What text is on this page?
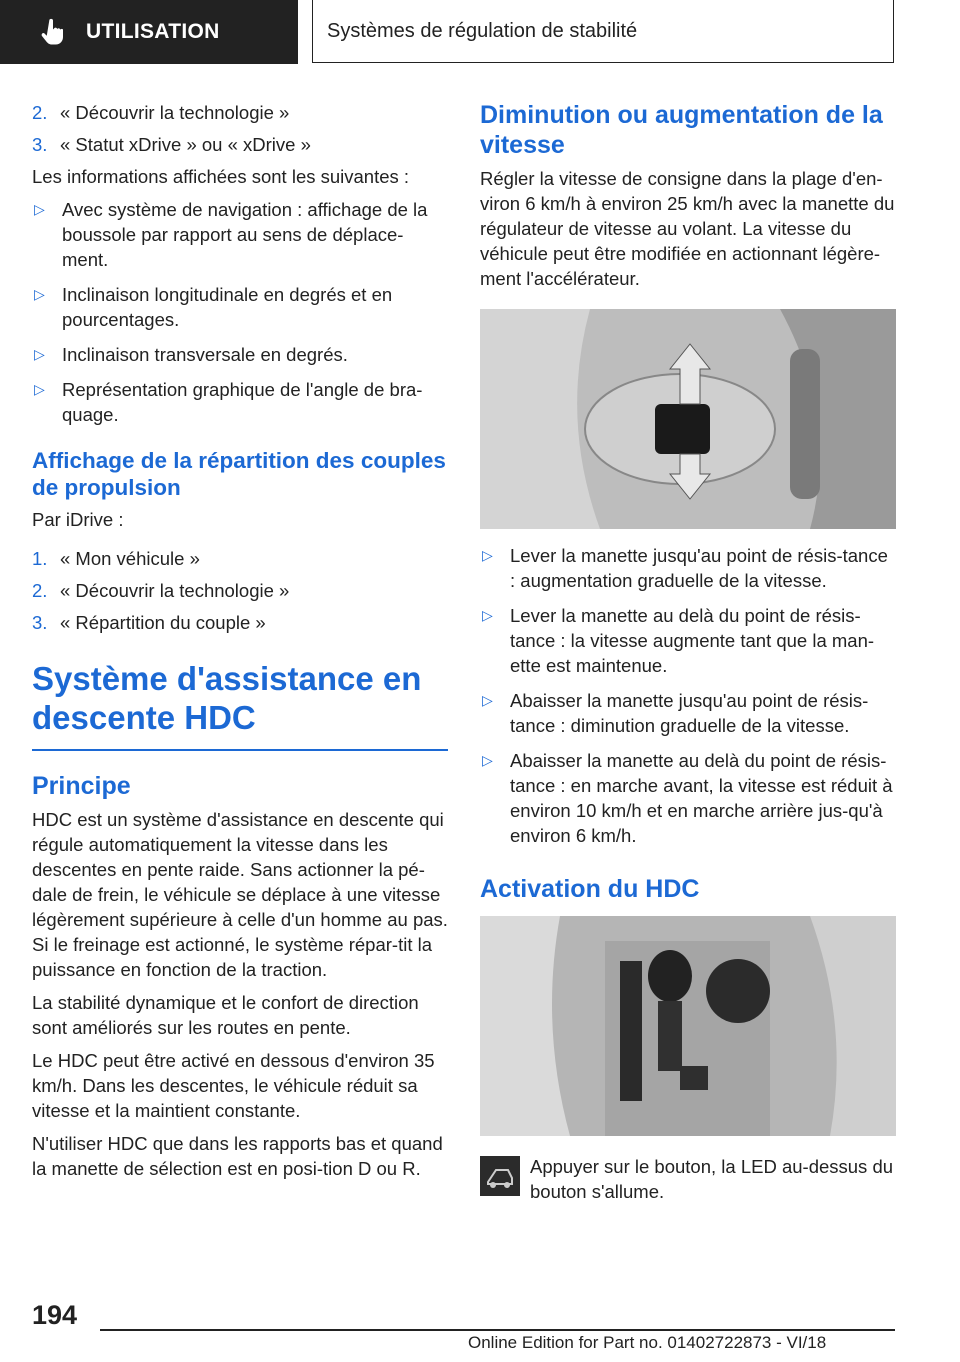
UTILISATION	Systèmes de régulation de stabilité
2. « Découvrir la technologie »
3. « Statut xDrive » ou « xDrive »

Les informations affichées sont les suivantes :

▷ Avec système de navigation : affichage de la boussole par rapport au sens de déplace-ment.
▷ Inclinaison longitudinale en degrés et en pourcentages.
▷ Inclinaison transversale en degrés.
▷ Représentation graphique de l'angle de bra-quage.
Affichage de la répartition des couples de propulsion

Par iDrive :

1. « Mon véhicule »
2. « Découvrir la technologie »
3. « Répartition du couple »
Système d'assistance en descente HDC
Principe

HDC est un système d'assistance en descente qui régule automatiquement la vitesse dans les descentes en pente raide. Sans actionner la pé-dale de frein, le véhicule se déplace à une vitesse légèrement supérieure à celle d'un homme au pas. Si le freinage est actionné, le système répar-tit la puissance en fonction de la traction.

La stabilité dynamique et le confort de direction sont améliorés sur les routes en pente.

Le HDC peut être activé en dessous d'environ 35 km/h. Dans les descentes, le véhicule réduit sa vitesse et la maintient constante.

N'utiliser HDC que dans les rapports bas et quand la manette de sélection est en posi-tion D ou R.

Diminution ou augmentation de la vitesse

Régler la vitesse de consigne dans la plage d'en-viron 6 km/h à environ 25 km/h avec la manette du régulateur de vitesse au volant. La vitesse du véhicule peut être modifiée en actionnant légère-ment l'accélérateur.

▷ Lever la manette jusqu'au point de résis-tance : augmentation graduelle de la vitesse.
▷ Lever la manette au delà du point de résis-tance : la vitesse augmente tant que la man-ette est maintenue.
▷ Abaisser la manette jusqu'au point de résis-tance : diminution graduelle de la vitesse.
▷ Abaisser la manette au delà du point de résis-tance : en marche avant, la vitesse est réduit à environ 10 km/h et en marche arrière jus-qu'à environ 6 km/h.
Activation du HDC

Appuyer sur le bouton, la LED au-dessus du bouton s'allume.

194
Online Edition for Part no. 01402722873 - VI/18
